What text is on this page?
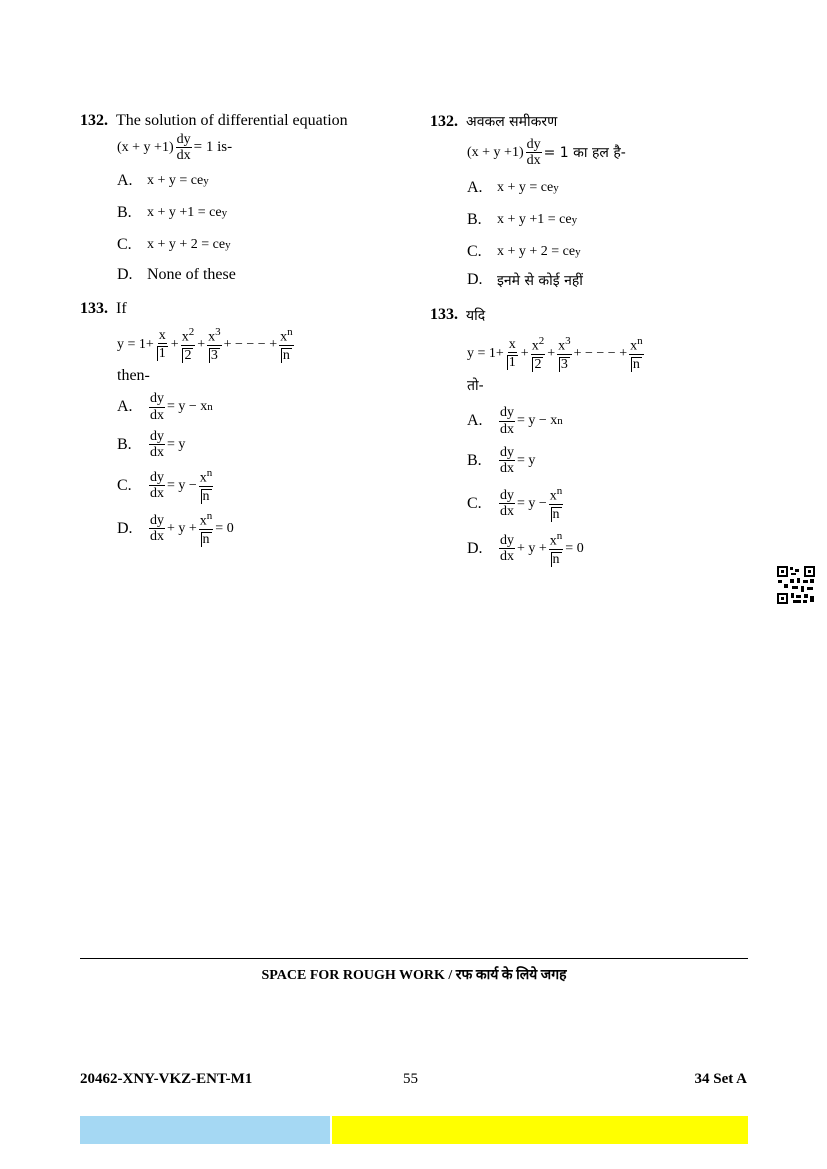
132. The solution of differential equation
$(x + y +1) \frac{dy}{dx} = 1$ is-
A.	x + y = ce y
B.	x + y +1 = ce y
C.	x + y + 2 = ce y
D. None of these
133. If
$y = 1+ \frac{x}{1} + \frac{x^2}{2} + \frac{x^3}{3}$ + − − − + $\frac{x^n}{n}$
then-
A.	$\frac{dy}{dx} = y - x$ n
B.	$\frac{dy}{dx} = y$
C.	$\frac{dy}{dx} = y - \frac{x^n}{n}$
D.	$\frac{dy}{dx} + y + \frac{x^n}{n} = 0$
132. अवकल समीकरण
$(x + y +1) \frac{dy}{dx} = 1$ का हल है-
A.	x + y = ce y
B.	x + y +1 = ce y
C.	x + y + 2 = ce y
D.	इनमे से कोई नहीं
133. यदि
$y = 1+ \frac{x}{1} + \frac{x^2}{2} + \frac{x^3}{3}$ + − − − + $\frac{x^n}{n}$
तो-
A.	$\frac{dy}{dx} = y - x$ n
B.	$\frac{dy}{dx} = y$
C.	$\frac{dy}{dx} = y - \frac{x^n}{n}$
D.	$\frac{dy}{dx} + y + \frac{x^n}{n} = 0$
SPACE FOR ROUGH WORK / रफ कार्य के लिये जगह
20462-XNY-VKZ-ENT-M1	55	34 Set A
